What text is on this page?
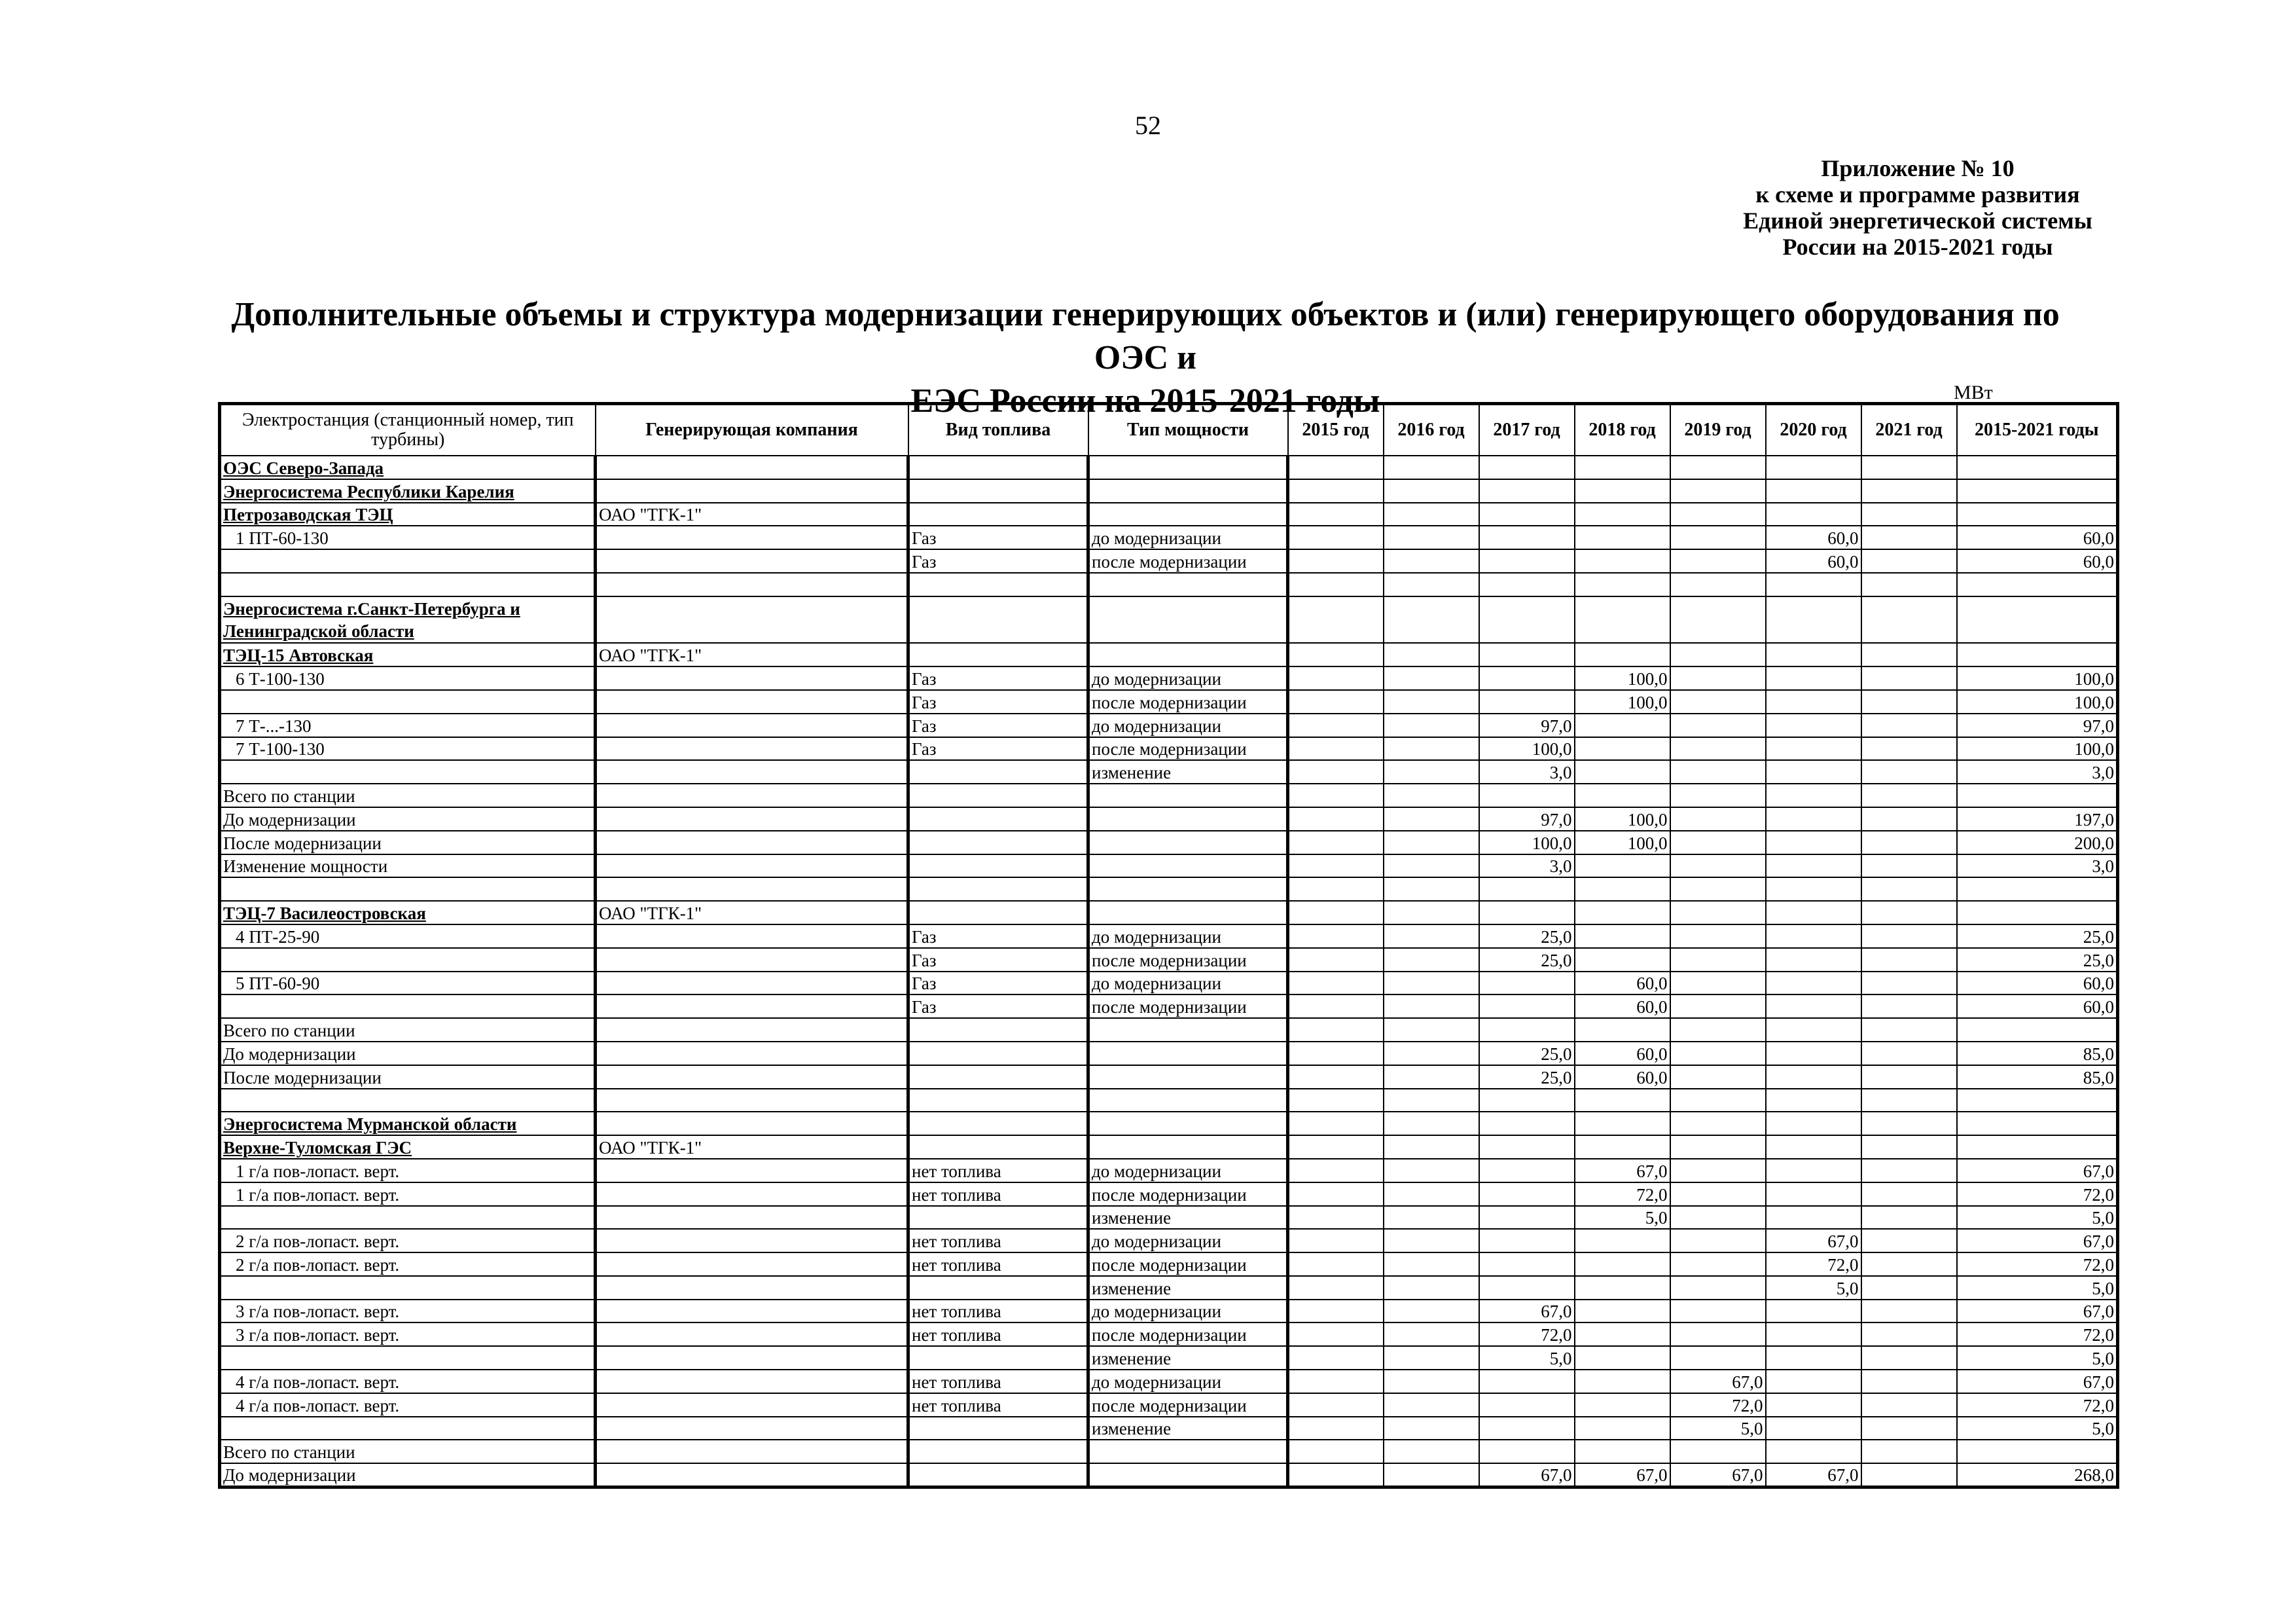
52
Приложение № 10
к схеме и программе развития
Единой энергетической системы
России на 2015-2021 годы
Дополнительные объемы и структура модернизации генерирующих объектов и (или) генерирующего оборудования по ОЭС и
ЕЭС России на 2015-2021 годы	МВт
Электростанция (станционный номер, тип турбины)	Генерирующая компания	Вид топлива	Тип мощности	2015 год	2016 год	2017 год	2018 год	2019 год	2020 год	2021 год	2015-2021 годы
ОЭС Северо-Запада											
Энергосистема Республики Карелия											
Петрозаводская ТЭЦ	ОАО "ТГК-1"										
1 ПТ-60-130		Газ	до модернизации						60,0		60,0
		Газ	после модернизации						60,0		60,0

Энергосистема г.Санкт-Петербурга и Ленинградской области											
ТЭЦ-15 Автовская	ОАО "ТГК-1"										
6 Т-100-130		Газ	до модернизации				100,0				100,0
		Газ	после модернизации				100,0				100,0
7 Т-...-130		Газ	до модернизации			97,0					97,0
7 Т-100-130		Газ	после модернизации			100,0					100,0
			изменение			3,0					3,0
Всего по станции											
До модернизации						97,0	100,0				197,0
После модернизации						100,0	100,0				200,0
Изменение мощности						3,0					3,0

ТЭЦ-7 Василеостровская	ОАО "ТГК-1"										
4 ПТ-25-90		Газ	до модернизации			25,0					25,0
		Газ	после модернизации			25,0					25,0
5 ПТ-60-90		Газ	до модернизации				60,0				60,0
		Газ	после модернизации				60,0				60,0
Всего по станции											
До модернизации						25,0	60,0				85,0
После модернизации						25,0	60,0				85,0

Энергосистема Мурманской области											
Верхне-Туломская ГЭС	ОАО "ТГК-1"										
1 г/а пов-лопаст. верт.		нет топлива	до модернизации				67,0				67,0
1 г/а пов-лопаст. верт.		нет топлива	после модернизации				72,0				72,0
			изменение				5,0				5,0
2 г/а пов-лопаст. верт.		нет топлива	до модернизации						67,0		67,0
2 г/а пов-лопаст. верт.		нет топлива	после модернизации						72,0		72,0
			изменение						5,0		5,0
3 г/а пов-лопаст. верт.		нет топлива	до модернизации			67,0					67,0
3 г/а пов-лопаст. верт.		нет топлива	после модернизации			72,0					72,0
			изменение			5,0					5,0
4 г/а пов-лопаст. верт.		нет топлива	до модернизации					67,0			67,0
4 г/а пов-лопаст. верт.		нет топлива	после модернизации					72,0			72,0
			изменение					5,0			5,0
Всего по станции											
До модернизации						67,0	67,0	67,0	67,0		268,0
